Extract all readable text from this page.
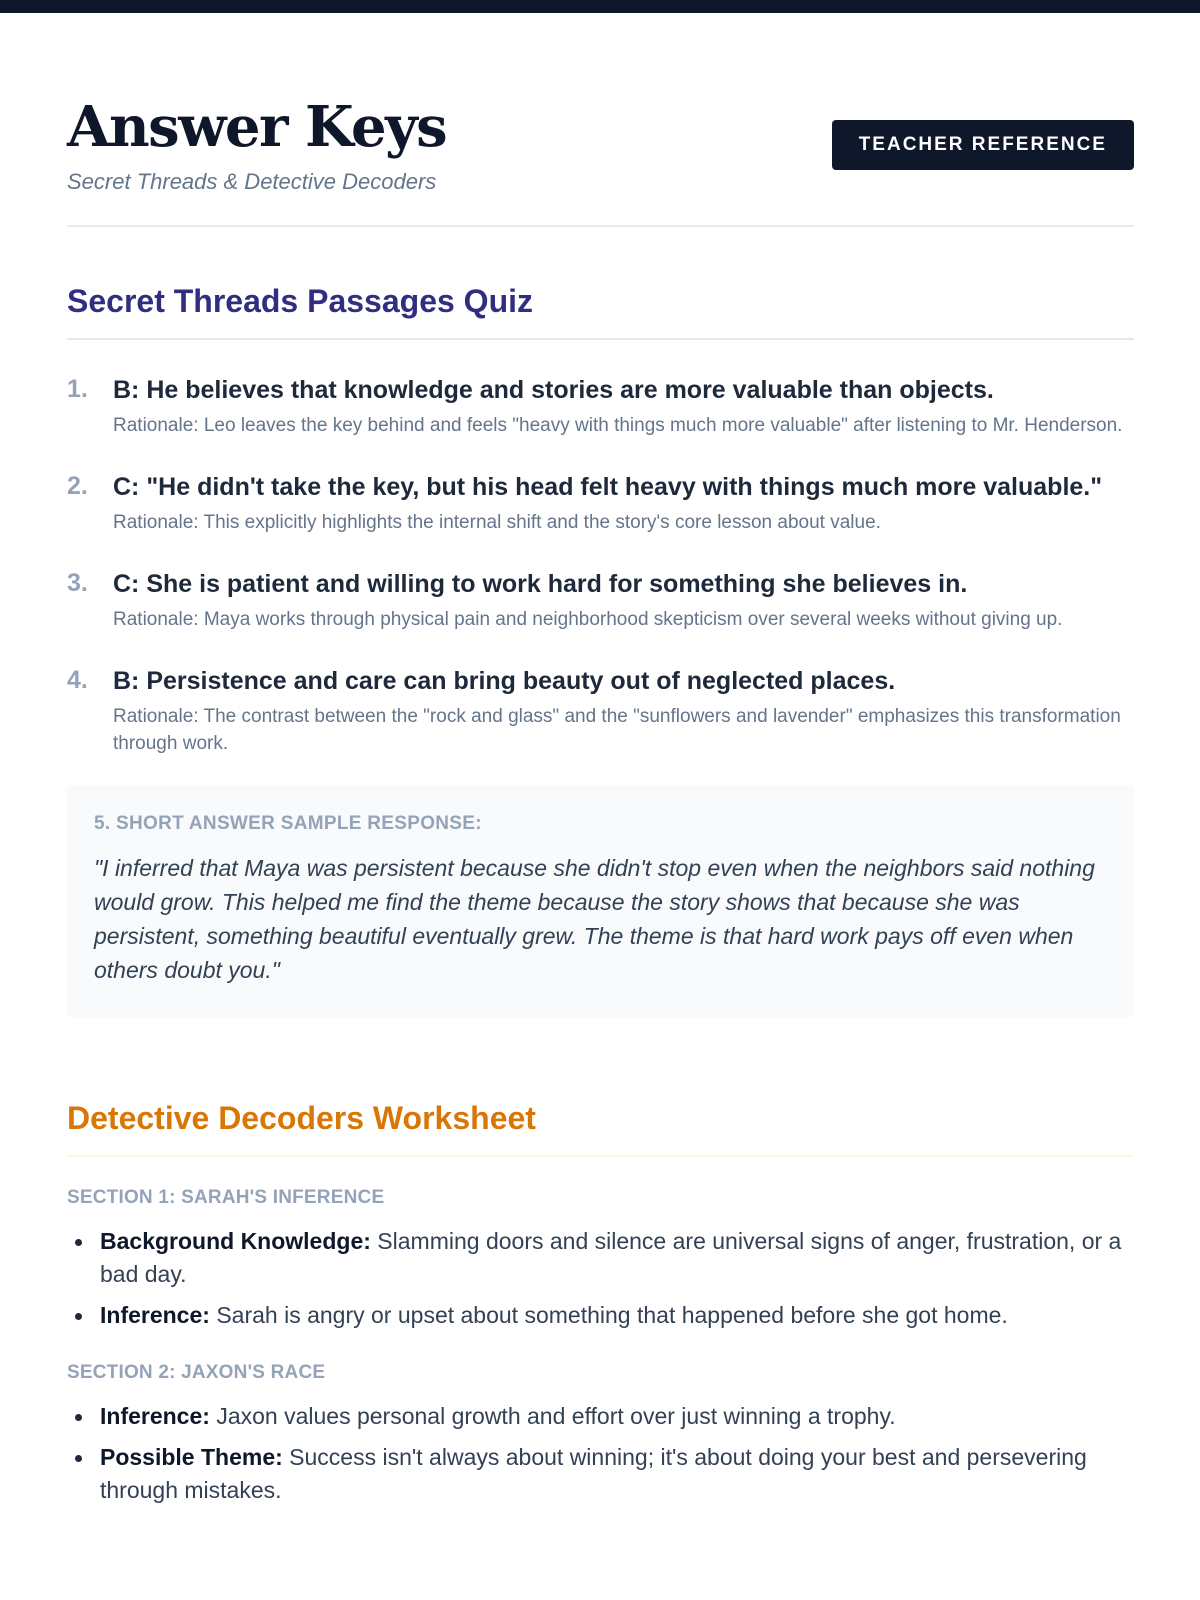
Answer Keys
Secret Threads & Detective Decoders
TEACHER REFERENCE
Secret Threads Passages Quiz
1.	B: He believes that knowledge and stories are more valuable than objects.
Rationale: Leo leaves the key behind and feels "heavy with things much more valuable" after listening to Mr. Henderson.
2.	C: "He didn't take the key, but his head felt heavy with things much more valuable."
Rationale: This explicitly highlights the internal shift and the story's core lesson about value.
3.	C: She is patient and willing to work hard for something she believes in.
Rationale: Maya works through physical pain and neighborhood skepticism over several weeks without giving up.
4.	B: Persistence and care can bring beauty out of neglected places.
Rationale: The contrast between the "rock and glass" and the "sunflowers and lavender" emphasizes this transformation through work.
5. SHORT ANSWER SAMPLE RESPONSE:
"I inferred that Maya was persistent because she didn't stop even when the neighbors said nothing would grow. This helped me find the theme because the story shows that because she was persistent, something beautiful eventually grew. The theme is that hard work pays off even when others doubt you."
Detective Decoders Worksheet
SECTION 1: SARAH'S INFERENCE
Background Knowledge: Slamming doors and silence are universal signs of anger, frustration, or a bad day.
Inference: Sarah is angry or upset about something that happened before she got home.
SECTION 2: JAXON'S RACE
Inference: Jaxon values personal growth and effort over just winning a trophy.
Possible Theme: Success isn't always about winning; it's about doing your best and persevering through mistakes.
